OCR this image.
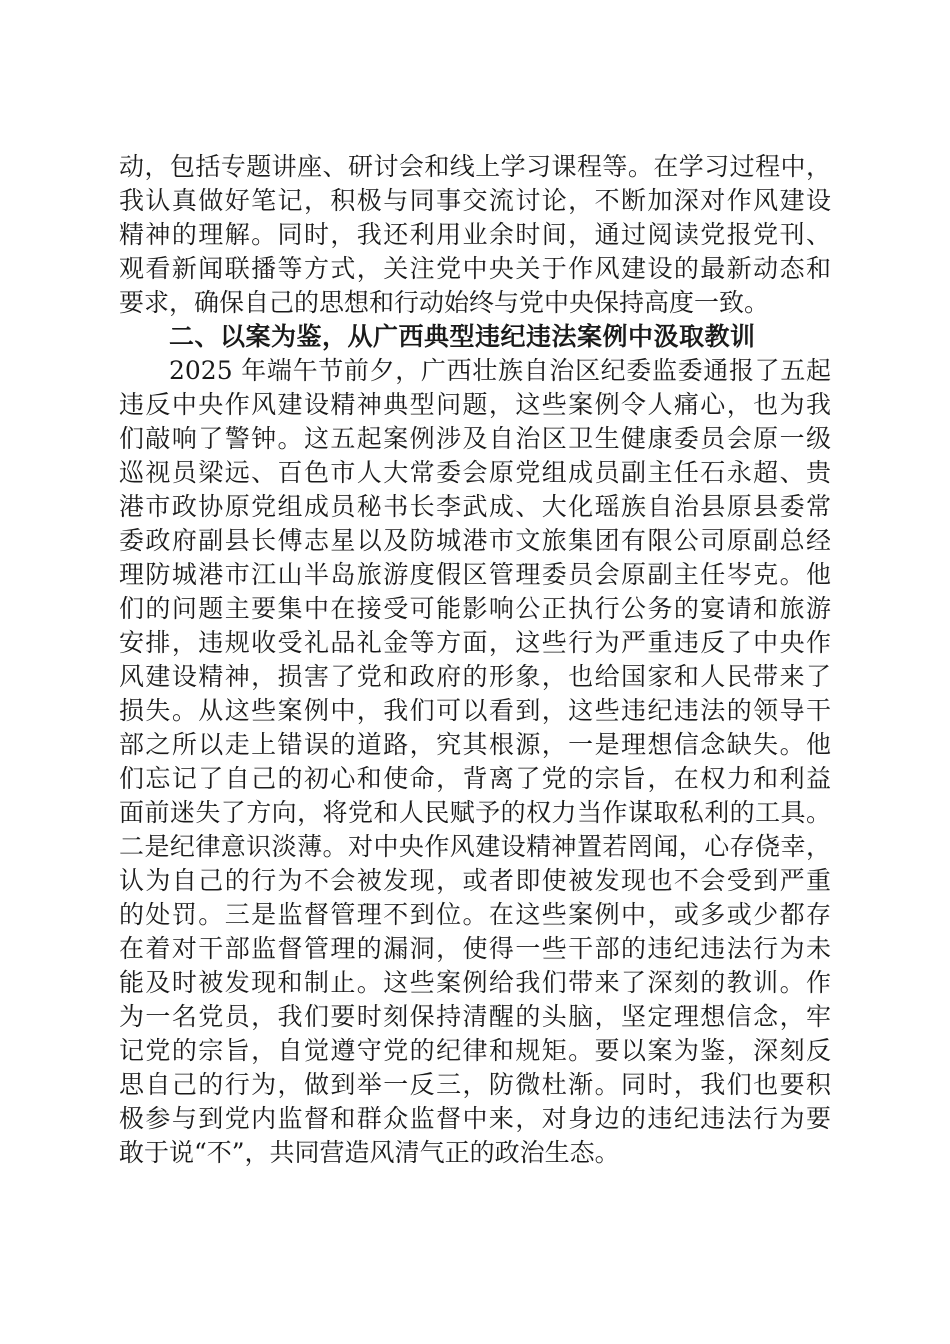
动，包括专题讲座、研讨会和线上学习课程等。在学习过程中，
我认真做好笔记，积极与同事交流讨论，不断加深对作风建设
精神的理解。同时，我还利用业余时间，通过阅读党报党刊、
观看新闻联播等方式，关注党中央关于作风建设的最新动态和
要求，确保自己的思想和行动始终与党中央保持高度一致。
二、以案为鉴，从广西典型违纪违法案例中汲取教训
2025 年端午节前夕，广西壮族自治区纪委监委通报了五起
违反中央作风建设精神典型问题，这些案例令人痛心，也为我
们敲响了警钟。这五起案例涉及自治区卫生健康委员会原一级
巡视员梁远、百色市人大常委会原党组成员副主任石永超、贵
港市政协原党组成员秘书长李武成、大化瑶族自治县原县委常
委政府副县长傅志星以及防城港市文旅集团有限公司原副总经
理防城港市江山半岛旅游度假区管理委员会原副主任岑克。他
们的问题主要集中在接受可能影响公正执行公务的宴请和旅游
安排，违规收受礼品礼金等方面，这些行为严重违反了中央作
风建设精神，损害了党和政府的形象，也给国家和人民带来了
损失。从这些案例中，我们可以看到，这些违纪违法的领导干
部之所以走上错误的道路，究其根源，一是理想信念缺失。他
们忘记了自己的初心和使命，背离了党的宗旨，在权力和利益
面前迷失了方向，将党和人民赋予的权力当作谋取私利的工具。
二是纪律意识淡薄。对中央作风建设精神置若罔闻，心存侥幸，
认为自己的行为不会被发现，或者即使被发现也不会受到严重
的处罚。三是监督管理不到位。在这些案例中，或多或少都存
在着对干部监督管理的漏洞，使得一些干部的违纪违法行为未
能及时被发现和制止。这些案例给我们带来了深刻的教训。作
为一名党员，我们要时刻保持清醒的头脑，坚定理想信念，牢
记党的宗旨，自觉遵守党的纪律和规矩。要以案为鉴，深刻反
思自己的行为，做到举一反三，防微杜渐。同时，我们也要积
极参与到党内监督和群众监督中来，对身边的违纪违法行为要
敢于说“不”，共同营造风清气正的政治生态。
